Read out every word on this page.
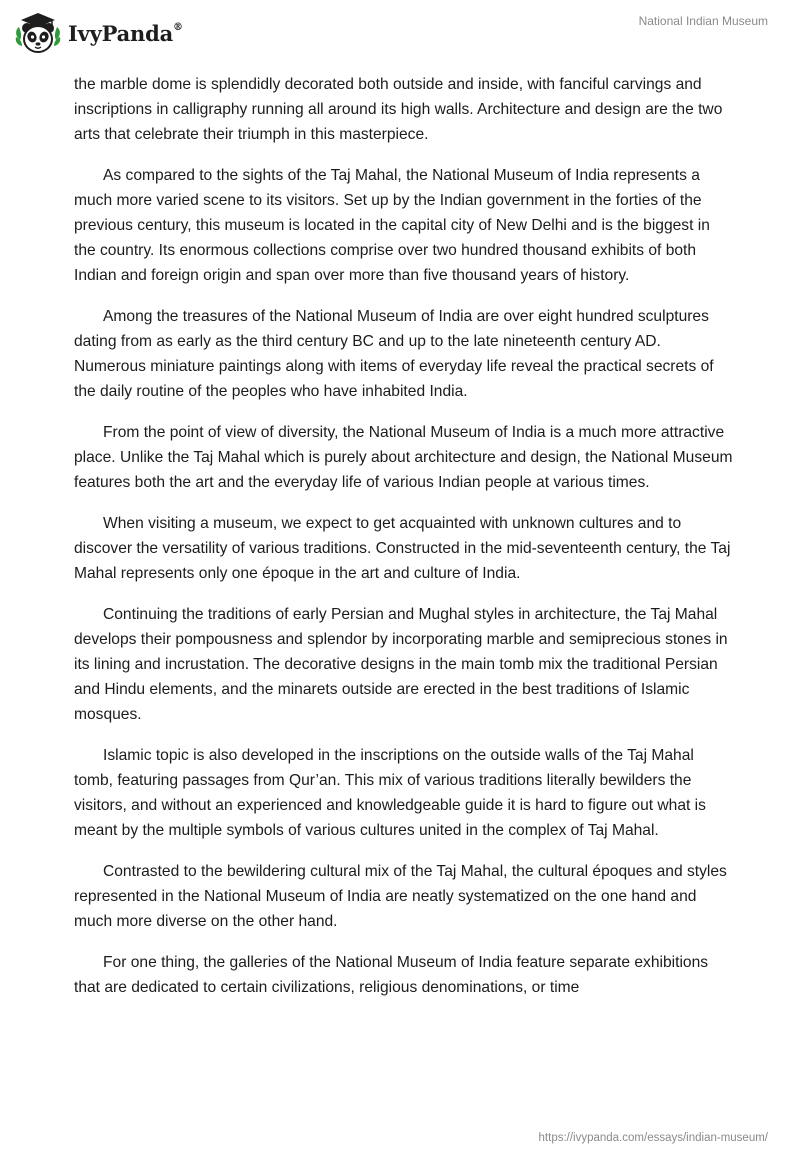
IvyPanda®	National Indian Museum

the marble dome is splendidly decorated both outside and inside, with fanciful carvings and inscriptions in calligraphy running all around its high walls. Architecture and design are the two arts that celebrate their triumph in this masterpiece.

As compared to the sights of the Taj Mahal, the National Museum of India represents a much more varied scene to its visitors. Set up by the Indian government in the forties of the previous century, this museum is located in the capital city of New Delhi and is the biggest in the country. Its enormous collections comprise over two hundred thousand exhibits of both Indian and foreign origin and span over more than five thousand years of history.

Among the treasures of the National Museum of India are over eight hundred sculptures dating from as early as the third century BC and up to the late nineteenth century AD. Numerous miniature paintings along with items of everyday life reveal the practical secrets of the daily routine of the peoples who have inhabited India.

From the point of view of diversity, the National Museum of India is a much more attractive place. Unlike the Taj Mahal which is purely about architecture and design, the National Museum features both the art and the everyday life of various Indian people at various times.

When visiting a museum, we expect to get acquainted with unknown cultures and to discover the versatility of various traditions. Constructed in the mid-seventeenth century, the Taj Mahal represents only one époque in the art and culture of India.

Continuing the traditions of early Persian and Mughal styles in architecture, the Taj Mahal develops their pompousness and splendor by incorporating marble and semiprecious stones in its lining and incrustation. The decorative designs in the main tomb mix the traditional Persian and Hindu elements, and the minarets outside are erected in the best traditions of Islamic mosques.

Islamic topic is also developed in the inscriptions on the outside walls of the Taj Mahal tomb, featuring passages from Qur’an. This mix of various traditions literally bewilders the visitors, and without an experienced and knowledgeable guide it is hard to figure out what is meant by the multiple symbols of various cultures united in the complex of Taj Mahal.

Contrasted to the bewildering cultural mix of the Taj Mahal, the cultural époques and styles represented in the National Museum of India are neatly systematized on the one hand and much more diverse on the other hand.

For one thing, the galleries of the National Museum of India feature separate exhibitions that are dedicated to certain civilizations, religious denominations, or time

https://ivypanda.com/essays/indian-museum/
